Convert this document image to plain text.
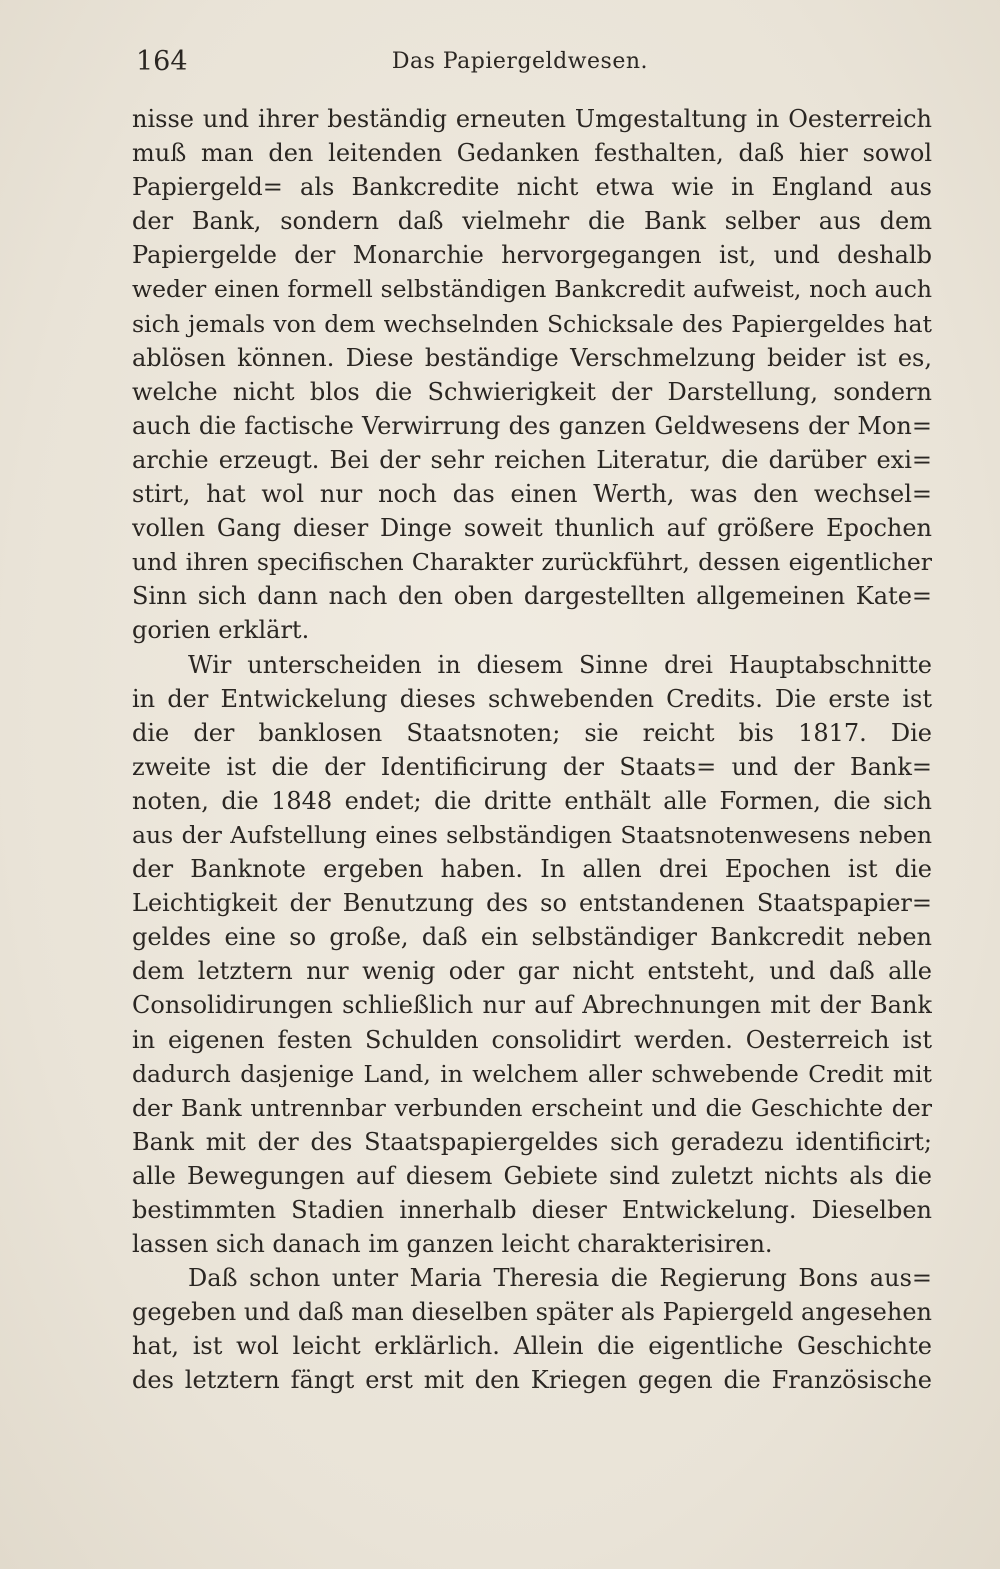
164	Das Papiergeldwesen.
nisse und ihrer beständig erneuten Umgestaltung in Oesterreich
muß man den leitenden Gedanken festhalten, daß hier sowol
Papiergeld= als Bankcredite nicht etwa wie in England aus
der Bank, sondern daß vielmehr die Bank selber aus dem
Papiergelde der Monarchie hervorgegangen ist, und deshalb
weder einen formell selbständigen Bankcredit aufweist, noch auch
sich jemals von dem wechselnden Schicksale des Papiergeldes hat
ablösen können. Diese beständige Verschmelzung beider ist es,
welche nicht blos die Schwierigkeit der Darstellung, sondern
auch die factische Verwirrung des ganzen Geldwesens der Mon=
archie erzeugt. Bei der sehr reichen Literatur, die darüber exi=
stirt, hat wol nur noch das einen Werth, was den wechsel=
vollen Gang dieser Dinge soweit thunlich auf größere Epochen
und ihren specifischen Charakter zurückführt, dessen eigentlicher
Sinn sich dann nach den oben dargestellten allgemeinen Kate=
gorien erklärt.
Wir unterscheiden in diesem Sinne drei Hauptabschnitte
in der Entwickelung dieses schwebenden Credits. Die erste ist
die der banklosen Staatsnoten; sie reicht bis 1817. Die
zweite ist die der Identificirung der Staats= und der Bank=
noten, die 1848 endet; die dritte enthält alle Formen, die sich
aus der Aufstellung eines selbständigen Staatsnotenwesens neben
der Banknote ergeben haben. In allen drei Epochen ist die
Leichtigkeit der Benutzung des so entstandenen Staatspapier=
geldes eine so große, daß ein selbständiger Bankcredit neben
dem letztern nur wenig oder gar nicht entsteht, und daß alle
Consolidirungen schließlich nur auf Abrechnungen mit der Bank
in eigenen festen Schulden consolidirt werden. Oesterreich ist
dadurch dasjenige Land, in welchem aller schwebende Credit mit
der Bank untrennbar verbunden erscheint und die Geschichte der
Bank mit der des Staatspapiergeldes sich geradezu identificirt;
alle Bewegungen auf diesem Gebiete sind zuletzt nichts als die
bestimmten Stadien innerhalb dieser Entwickelung. Dieselben
lassen sich danach im ganzen leicht charakterisiren.
Daß schon unter Maria Theresia die Regierung Bons aus=
gegeben und daß man dieselben später als Papiergeld angesehen
hat, ist wol leicht erklärlich. Allein die eigentliche Geschichte
des letztern fängt erst mit den Kriegen gegen die Französische
